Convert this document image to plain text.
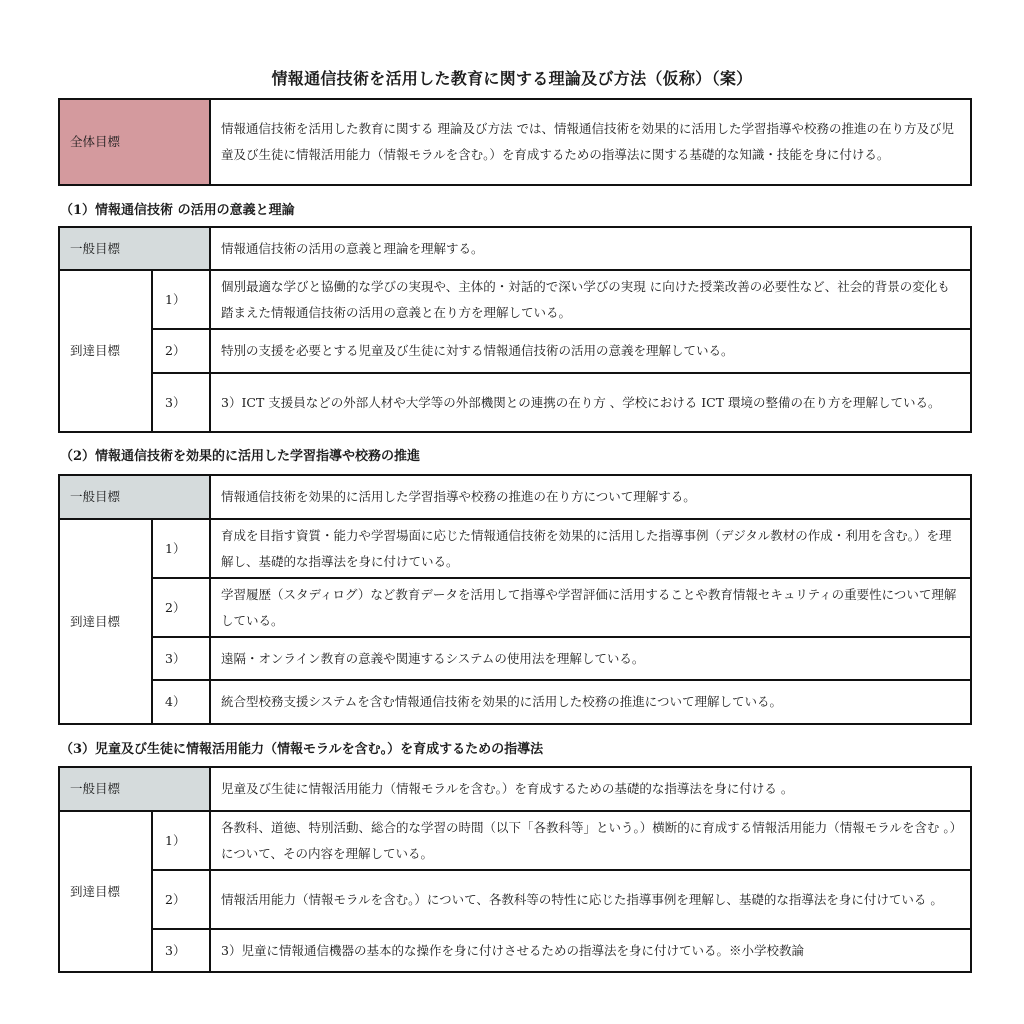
情報通信技術を活用した教育に関する理論及び方法（仮称）（案）
全体目標	情報通信技術を活用した教育に関する 理論及び方法 では、情報通信技術を効果的に活用した学習指導や校務の推進の在り方及び児童及び生徒に情報活用能力（情報モラルを含む。）を育成するための指導法に関する基礎的な知識・技能を身に付ける。
（1）情報通信技術 の活用の意義と理論
一般目標		情報通信技術の活用の意義と理論を理解する。
到達目標	1）	個別最適な学びと協働的な学びの実現や、主体的・対話的で深い学びの実現 に向けた授業改善の必要性など、社会的背景の変化も踏まえた情報通信技術の活用の意義と在り方を理解している。
	2）	特別の支援を必要とする児童及び生徒に対する情報通信技術の活用の意義を理解している。
	3）	3）ICT 支援員などの外部人材や大学等の外部機関との連携の在り方 、学校における ICT 環境の整備の在り方を理解している。
（2）情報通信技術を効果的に活用した学習指導や校務の推進
一般目標		情報通信技術を効果的に活用した学習指導や校務の推進の在り方について理解する。
到達目標	1）	育成を目指す資質・能力や学習場面に応じた情報通信技術を効果的に活用した指導事例（デジタル教材の作成・利用を含む。）を理解し、基礎的な指導法を身に付けている。
	2）	学習履歴（スタディログ）など教育データを活用して指導や学習評価に活用することや教育情報セキュリティの重要性について理解している。
	3）	遠隔・オンライン教育の意義や関連するシステムの使用法を理解している。
	4）	統合型校務支援システムを含む情報通信技術を効果的に活用した校務の推進について理解している。
（3）児童及び生徒に情報活用能力（情報モラルを含む。）を育成するための指導法
一般目標		児童及び生徒に情報活用能力（情報モラルを含む。）を育成するための基礎的な指導法を身に付ける 。
到達目標	1）	各教科、道徳、特別活動、総合的な学習の時間（以下「各教科等」という。）横断的に育成する情報活用能力（情報モラルを含む 。）について、その内容を理解している。
	2）	情報活用能力（情報モラルを含む。）について、各教科等の特性に応じた指導事例を理解し、基礎的な指導法を身に付けている 。
	3）	3）児童に情報通信機器の基本的な操作を身に付けさせるための指導法を身に付けている。※小学校教論
